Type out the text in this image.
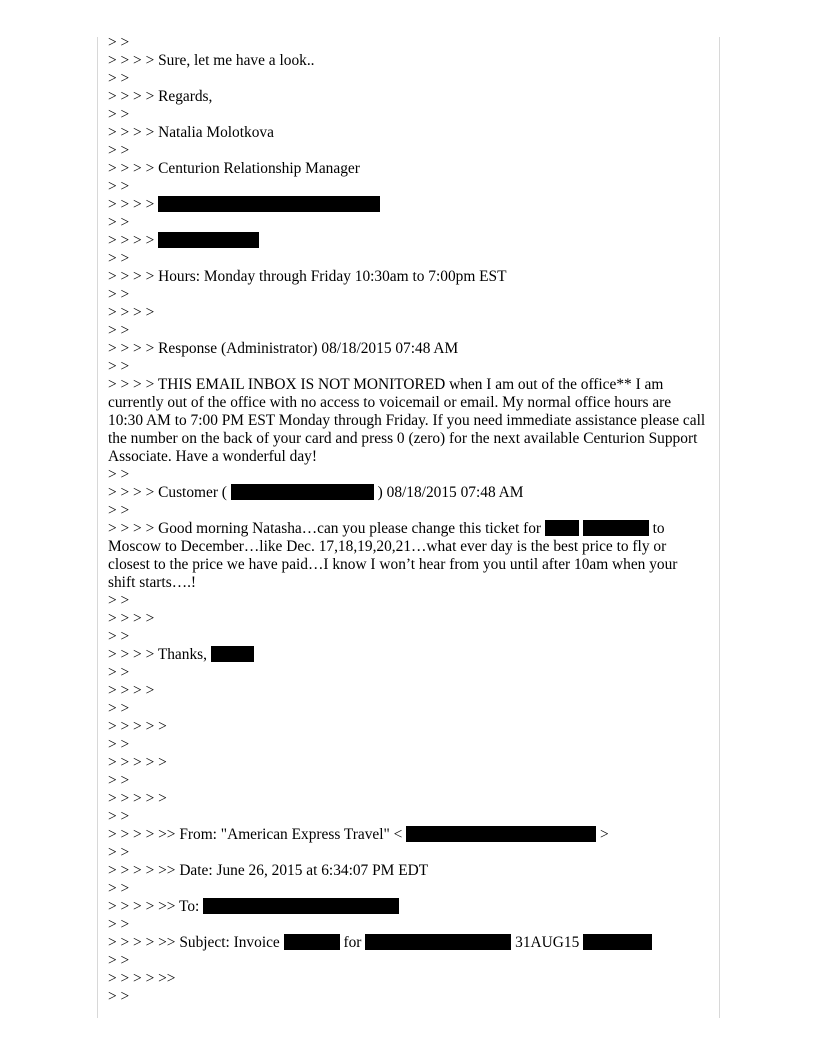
> >
> > > > Sure, let me have a look..
> >
> > > > Regards,
> >
> > > > Natalia Molotkova
> >
> > > > Centurion Relationship Manager
> >
> > > >
> >
> > > >
> >
> > > > Hours: Monday through Friday 10:30am to 7:00pm EST
> >
> > > >
> >
> > > > Response (Administrator) 08/18/2015 07:48 AM
> >
> > > > THIS EMAIL INBOX IS NOT MONITORED when I am out of the office** I am currently out of the office with no access to voicemail or email. My normal office hours are 10:30 AM to 7:00 PM EST Monday through Friday. If you need immediate assistance please call the number on the back of your card and press 0 (zero) for the next available Centurion Support Associate. Have a wonderful day!
> >
> > > > Customer (	) 08/18/2015 07:48 AM
> >
> > > > Good morning Natasha…can you please change this ticket for	to Moscow to December…like Dec. 17,18,19,20,21…what ever day is the best price to fly or closest to the price we have paid…I know I won’t hear from you until after 10am when your shift starts….!
> >
> > > >
> >
> > > > Thanks,
> >
> > > >
> >
> > > > >
> >
> > > > >
> >
> > > > >
> >
> > > > >> From: "American Express Travel" <	>
> >
> > > > >> Date: June 26, 2015 at 6:34:07 PM EDT
> >
> > > > >> To:
> >
> > > > >> Subject: Invoice	for	31AUG15
> >
> > > > >>
> >
